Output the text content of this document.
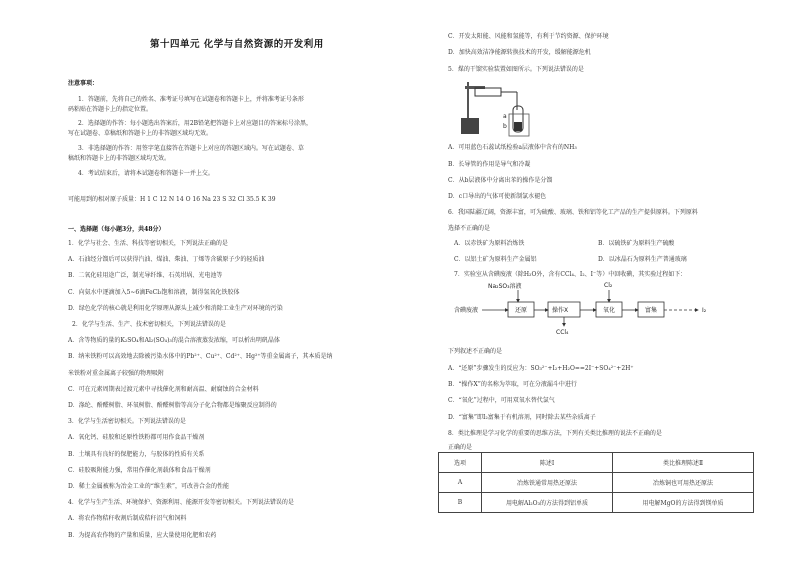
第十四单元 化学与自然资源的开发利用
注意事项：
1．答题前，先将自己的姓名、准考证号填写在试题卷和答题卡上，并将准考证号条形
码粘贴在答题卡上的指定位置。
2．选择题的作答：每小题选出答案后，用2B铅笔把答题卡上对应题目的答案标号涂黑，
写在试题卷、草稿纸和答题卡上的非答题区域均无效。
3．非选择题的作答：用签字笔直接答在答题卡上对应的答题区域内。写在试题卷、草
稿纸和答题卡上的非答题区域均无效。
4．考试结束后，请将本试题卷和答题卡一并上交。
可能用到的相对原子质量：H 1 C 12 N 14 O 16 Na 23 S 32 Cl 35.5 K 39
一、选择题（每小题3分，共48分）
1．化学与社会、生活、科技等密切相关，下列说法正确的是
A．石油经分馏后可以获得汽油、煤油、柴油、丁烯等含碳原子少的轻质油
B．二氧化硅用途广泛，制光导纤维、石英坩埚、光电池等
C．向氨水中逐滴加入5~6滴FeCl₃饱和溶液，制得氢氧化铁胶体
D．绿色化学的核心就是利用化学原理从源头上减少和消除工业生产对环境的污染
2．化学与生活、生产、技术密切相关，下列说法错误的是
A．含等物质的量的K₂SO₄和Al₂(SO₄)₃的混合溶液蒸发浓缩，可以析出明矾晶体
B．纳米铁粉可以高效地去除被污染水体中的Pb²⁺、Cu²⁺、Cd²⁺、Hg²⁺等重金属离子，其本质是纳
米铁粉对重金属离子较强的物理吸附
C．可在元素周期表过渡元素中寻找催化剂和耐高温、耐腐蚀的合金材料
D．涤纶、酚醛树脂、环氧树脂、酚醛树脂等高分子化合物都是缩聚反应制得的
3．化学与生活密切相关。下列说法错误的是
A．氧化钙、硅胶和还原性铁粉都可用作食品干燥剂
B．土壤具有良好的保肥能力，与胶体的性质有关系
C．硅胶吸附能力强，常用作催化剂载体和食品干燥剂
D．稀土金属被称为冶金工业的“维生素”，可改善合金的性能
4．化学与生产生活、环境保护、资源利用、能源开发等密切相关。下列说法错误的是
A．将农作物秸秆收割后制成秸秆沼气和饲料
B．为提高农作物的产量和质量，应大量使用化肥和农药
C．开发太阳能、风能和氢能等，有利于节约资源、保护环境
D．加快高效洁净能源转换技术的开发，缓解能源危机
5．煤的干馏实验装置如图所示。下列说法错误的是
A．可用蓝色石蕊试纸检验a层液体中含有的NH₃
B．长导管的作用是导气和冷凝
C．从b层液体中分离出苯的操作是分馏
D．c口导出的气体可使新制氯水褪色
6．我国陆疆辽阔，资源丰富，可为硫酸、玻璃、铁和铝等化工产品的生产提供原料。下列原料
选择不正确的是
A．以赤铁矿为原料冶炼铁	B．以硫铁矿为原料生产硫酸
C．以铝土矿为原料生产金属铝	D．以冰晶石为原料生产普通玻璃
7．实验室从含碘废液（除H₂O外，含有CCl₄、I₂、I⁻等）中回收碘，其实验过程如下：
下列叙述不正确的是
A．“还原”步骤发生的反应为：SO₃²⁻+I₂+H₂O==2I⁻+SO₄²⁻+2H⁺
B．“操作X”的名称为萃取，可在分液漏斗中进行
C．“氧化”过程中，可用双氧水替代氯气
D．“富集”即I₂富集于有机溶剂，同时除去某些杂质离子
8．类比推理是学习化学的重要的思维方法，下列有关类比推理的说法不正确的是
正确的是
a
b
含碘废液
Na₂SO₃溶液
还原	操作X
CCl₄
Cl₂
氧化	富集	I₂
选项	陈述Ⅰ	类比推理陈述Ⅱ
A	冶炼铁通常用热还原法	冶炼铜也可用热还原法
B	用电解Al₂O₃的方法得到铝单质	用电解MgO的方法得到镁单质
